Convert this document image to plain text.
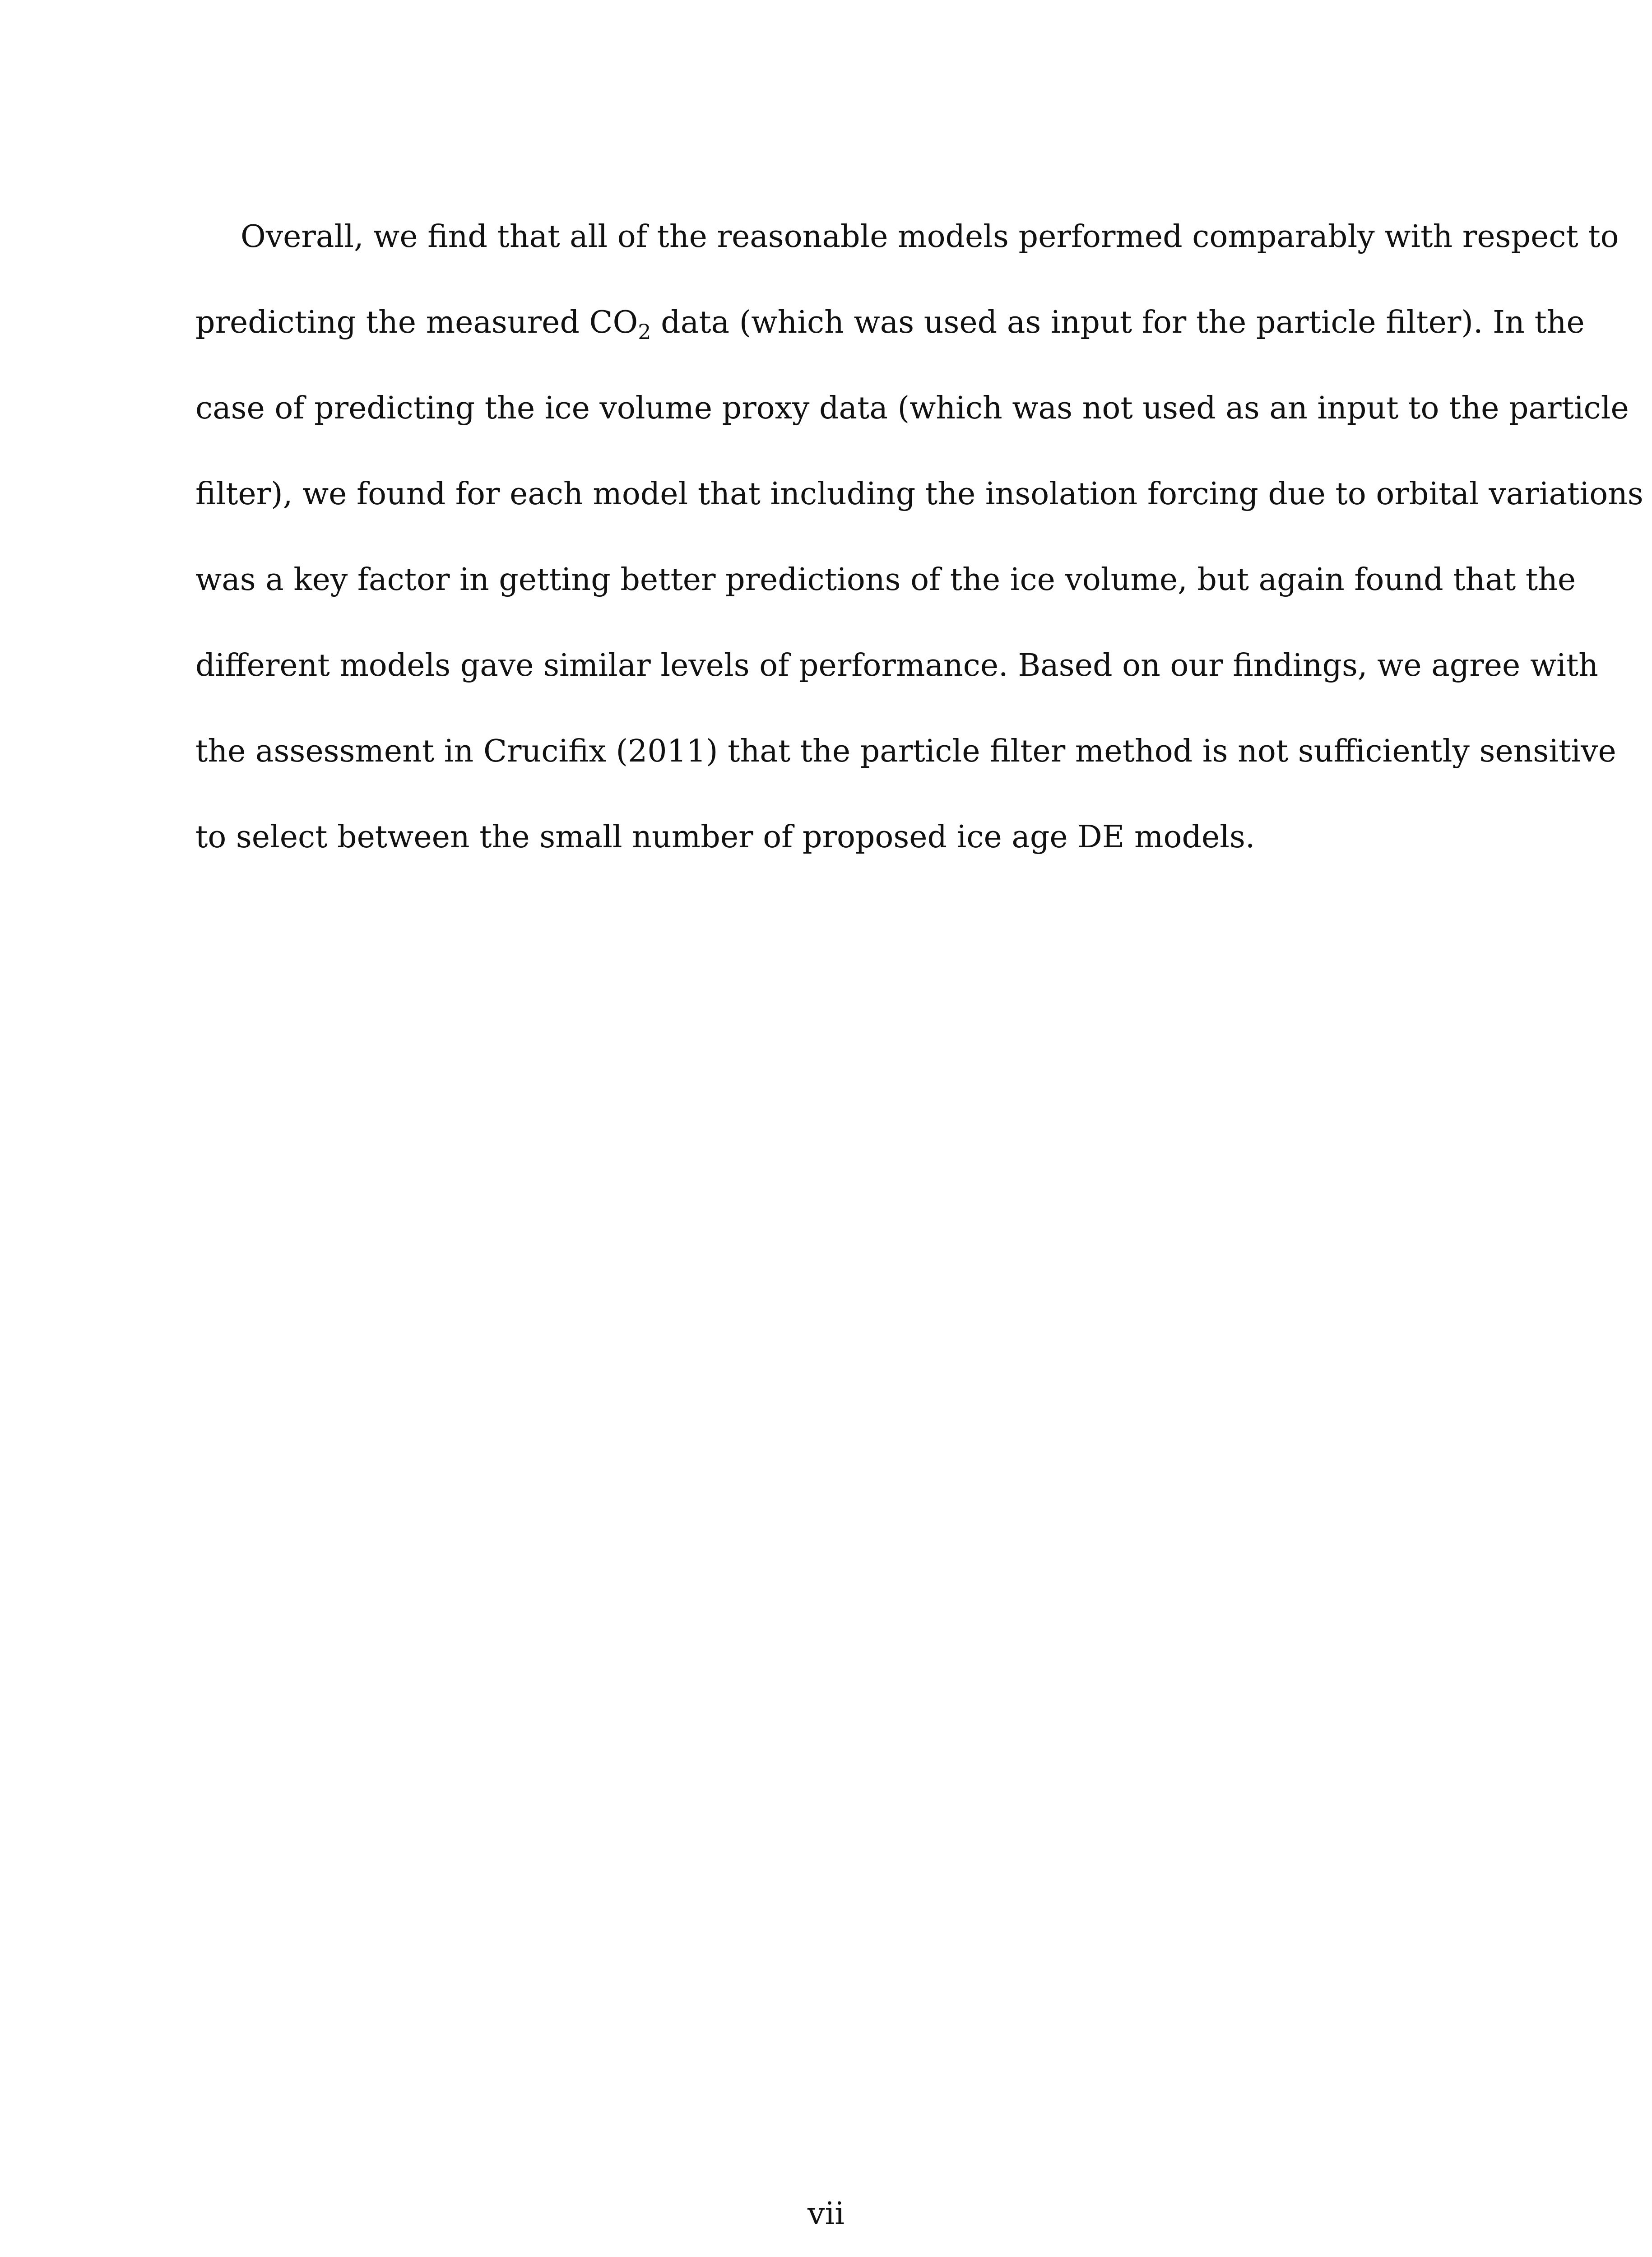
Overall, we find that all of the reasonable models performed comparably with respect to
predicting the measured $CO_2$ data (which was used as input for the particle filter). In the
case of predicting the ice volume proxy data (which was not used as an input to the particle
filter), we found for each model that including the insolation forcing due to orbital variations
was a key factor in getting better predictions of the ice volume, but again found that the
different models gave similar levels of performance. Based on our findings, we agree with
the assessment in Crucifix (2011) that the particle filter method is not sufficiently sensitive
to select between the small number of proposed ice age DE models.
vii
